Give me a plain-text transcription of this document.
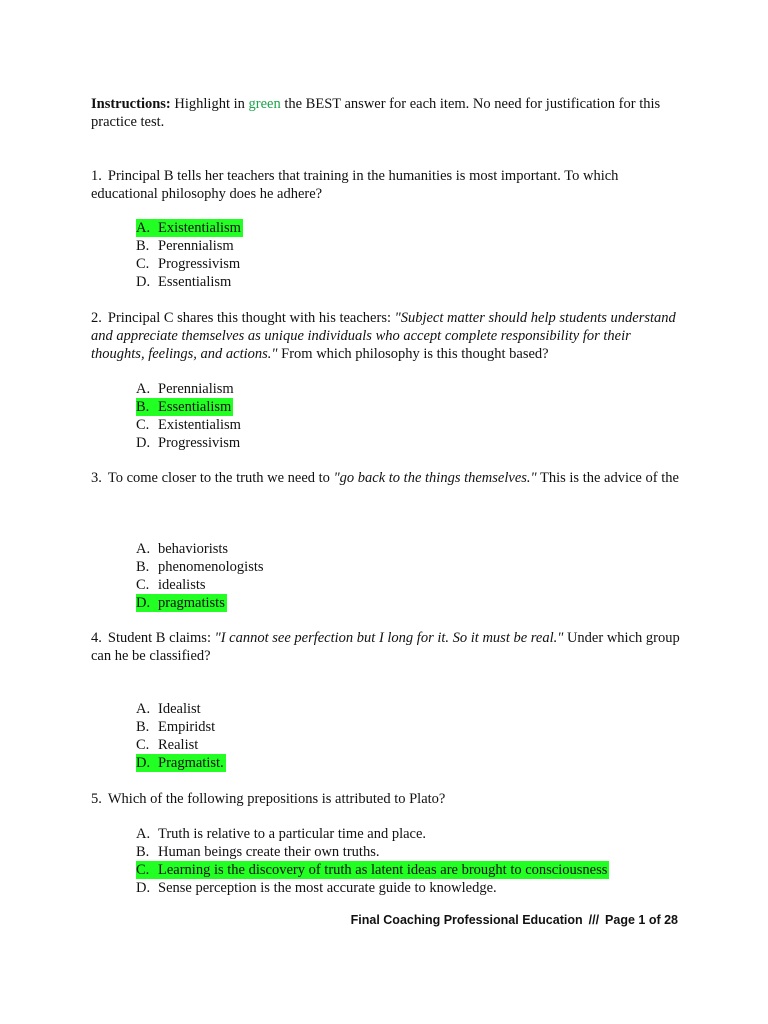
Instructions: Highlight in green the BEST answer for each item. No need for justification for this practice test.
1. Principal B tells her teachers that training in the humanities is most important. To which educational philosophy does he adhere?
A. Existentialism
B. Perennialism
C. Progressivism
D. Essentialism
2. Principal C shares this thought with his teachers: "Subject matter should help students understand and appreciate themselves as unique individuals who accept complete responsibility for their thoughts, feelings, and actions." From which philosophy is this thought based?
A. Perennialism
B. Essentialism
C. Existentialism
D. Progressivism
3. To come closer to the truth we need to "go back to the things themselves." This is the advice of the
A. behaviorists
B. phenomenologists
C. idealists
D. pragmatists
4. Student B claims: "I cannot see perfection but I long for it. So it must be real." Under which group can he be classified?
A. Idealist
B. Empiridst
C. Realist
D. Pragmatist.
5. Which of the following prepositions is attributed to Plato?
A. Truth is relative to a particular time and place.
B. Human beings create their own truths.
C. Learning is the discovery of truth as latent ideas are brought to consciousness
D. Sense perception is the most accurate guide to knowledge.
Final Coaching Professional Education /// Page 1 of 28
